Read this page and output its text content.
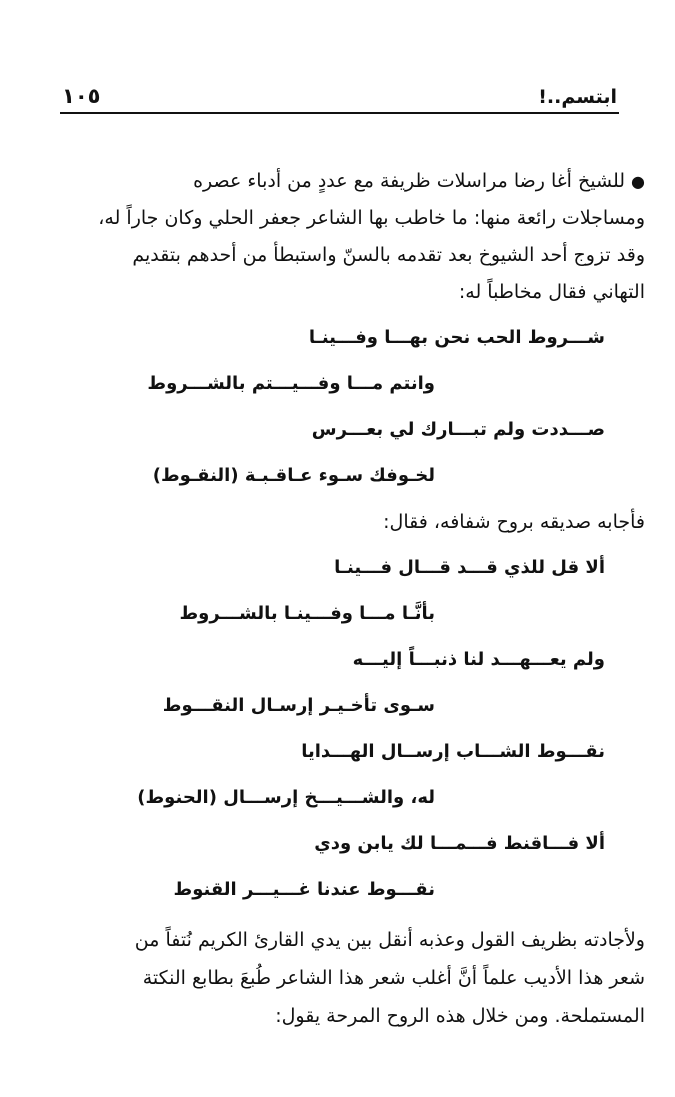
١٠٥	ابتسم..!
●للشيخ أغا رضا مراسلات ظريفة مع عددٍ من أدباء عصره
ومساجلات رائعة منها: ما خاطب بها الشاعر جعفر الحلي وكان جاراً له،
وقد تزوج أحد الشيوخ بعد تقدمه بالسنّ واستبطأ من أحدهم بتقديم
التهاني فقال مخاطباً له:
شـــروط الحب نحن بهـــا وفـــينـا
وانتم مـــا وفـــيـــتم بالشـــروط
صـــددت ولم تبـــارك لي بعـــرس
لخـوفك سـوء عـاقـبـة (النقـوط)
فأجابه صديقه بروح شفافه، فقال:
ألا قل للذي قـــد قـــال فـــينـا
بأنَّـا مـــا وفـــينـا بالشـــروط
ولم يعـــهـــد لنا ذنبـــاً إليـــه
سـوى تأخـيـر إرسـال النقـــوط
نقـــوط الشـــاب إرســال الهـــدايا
له، والشـــيـــخ إرســـال (الحنوط)
ألا فـــاقنط فـــمـــا لك يابن ودي
نقـــوط عندنا غـــيـــر القنوط
ولأجادته بظريف القول وعذبه أنقل بين يدي القارئ الكريم نُتفاً من
شعر هذا الأديب علماً أنَّ أغلب شعر هذا الشاعر طُبعَ بطابع النكتة
المستملحة. ومن خلال هذه الروح المرحة يقول:
